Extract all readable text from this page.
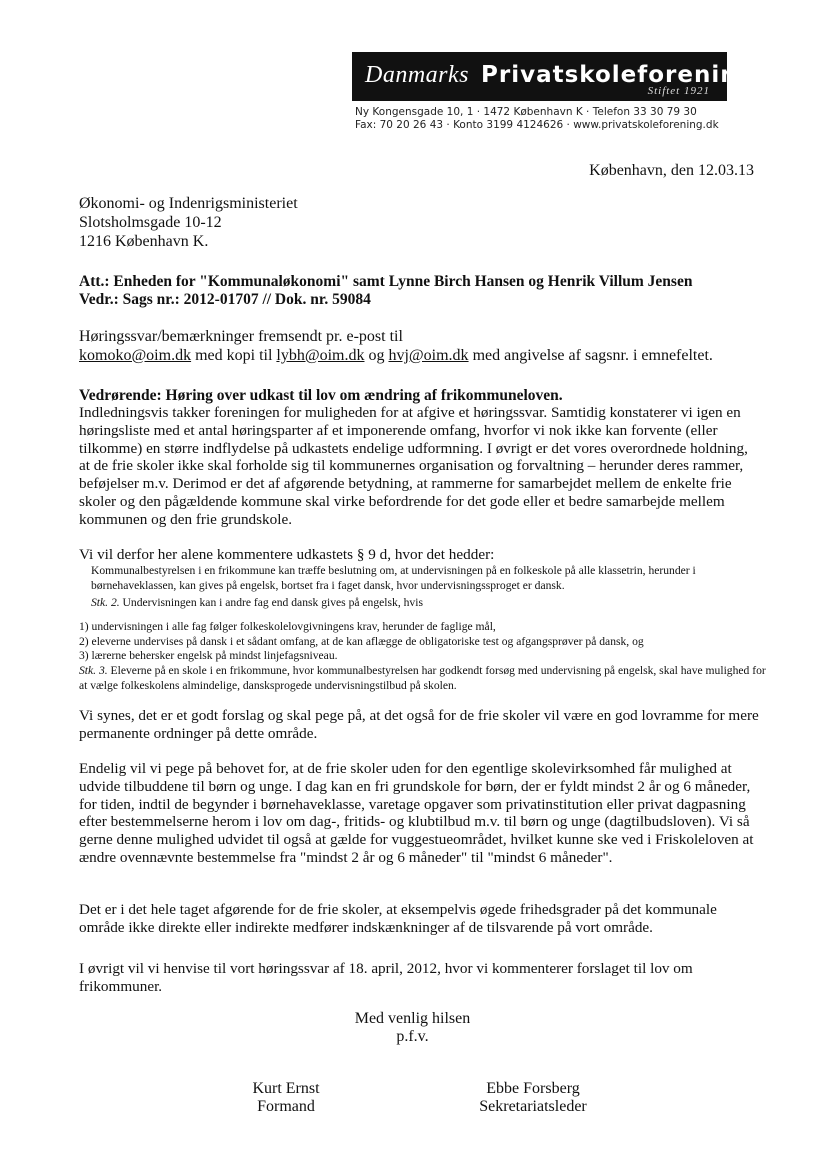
Danmarks Privatskoleforening
Stiftet 1921
Ny Kongensgade 10, 1 · 1472 København K · Telefon 33 30 79 30
Fax: 70 20 26 43 · Konto 3199 4124626 · www.privatskoleforening.dk
København, den 12.03.13
Økonomi- og Indenrigsministeriet
Slotsholmsgade 10-12
1216 København K.
Att.: Enheden for "Kommunaløkonomi" samt Lynne Birch Hansen og Henrik Villum Jensen
Vedr.: Sags nr.: 2012-01707 // Dok. nr. 59084
Høringssvar/bemærkninger fremsendt pr. e-post til
komoko@oim.dk med kopi til lybh@oim.dk og hvj@oim.dk med angivelse af sagsnr. i emnefeltet.
Vedrørende: Høring over udkast til lov om ændring af frikommuneloven.
Indledningsvis takker foreningen for muligheden for at afgive et høringssvar. Samtidig konstaterer vi igen en høringsliste med et antal høringsparter af et imponerende omfang, hvorfor vi nok ikke kan forvente (eller tilkomme) en større indflydelse på udkastets endelige udformning. I øvrigt er det vores overordnede holdning, at de frie skoler ikke skal forholde sig til kommunernes organisation og forvaltning – herunder deres rammer, beføjelser m.v. Derimod er det af afgørende betydning, at rammerne for samarbejdet mellem de enkelte frie skoler og den pågældende kommune skal virke befordrende for det gode eller et bedre samarbejde mellem kommunen og den frie grundskole.
Vi vil derfor her alene kommentere udkastets § 9 d, hvor det hedder:
Kommunalbestyrelsen i en frikommune kan træffe beslutning om, at undervisningen på en folkeskole på alle klassetrin, herunder i børnehaveklassen, kan gives på engelsk, bortset fra i faget dansk, hvor undervisningssproget er dansk.
Stk. 2. Undervisningen kan i andre fag end dansk gives på engelsk, hvis
1) undervisningen i alle fag følger folkeskolelovgivningens krav, herunder de faglige mål,
2) eleverne undervises på dansk i et sådant omfang, at de kan aflægge de obligatoriske test og afgangsprøver på dansk, og
3) lærerne behersker engelsk på mindst linjefagsniveau.
Stk. 3. Eleverne på en skole i en frikommune, hvor kommunalbestyrelsen har godkendt forsøg med undervisning på engelsk, skal have mulighed for at vælge folkeskolens almindelige, dansksprogede undervisningstilbud på skolen.
Vi synes, det er et godt forslag og skal pege på, at det også for de frie skoler vil være en god lovramme for mere permanente ordninger på dette område.
Endelig vil vi pege på behovet for, at de frie skoler uden for den egentlige skolevirksomhed får mulighed at udvide tilbuddene til børn og unge. I dag kan en fri grundskole for børn, der er fyldt mindst 2 år og 6 måneder, for tiden, indtil de begynder i børnehaveklasse, varetage opgaver som privatinstitution eller privat dagpasning efter bestemmelserne herom i lov om dag-, fritids- og klubtilbud m.v. til børn og unge (dagtilbudsloven). Vi så gerne denne mulighed udvidet til også at gælde for vuggestueområdet, hvilket kunne ske ved i Friskoleloven at ændre ovennævnte bestemmelse fra "mindst 2 år og 6 måneder" til "mindst 6 måneder".
Det er i det hele taget afgørende for de frie skoler, at eksempelvis øgede frihedsgrader på det kommunale område ikke direkte eller indirekte medfører indskænkninger af de tilsvarende på vort område.
I øvrigt vil vi henvise til vort høringssvar af 18. april, 2012, hvor vi kommenterer forslaget til lov om frikommuner.
Med venlig hilsen
p.f.v.
Kurt Ernst
Formand
Ebbe Forsberg
Sekretariatsleder
